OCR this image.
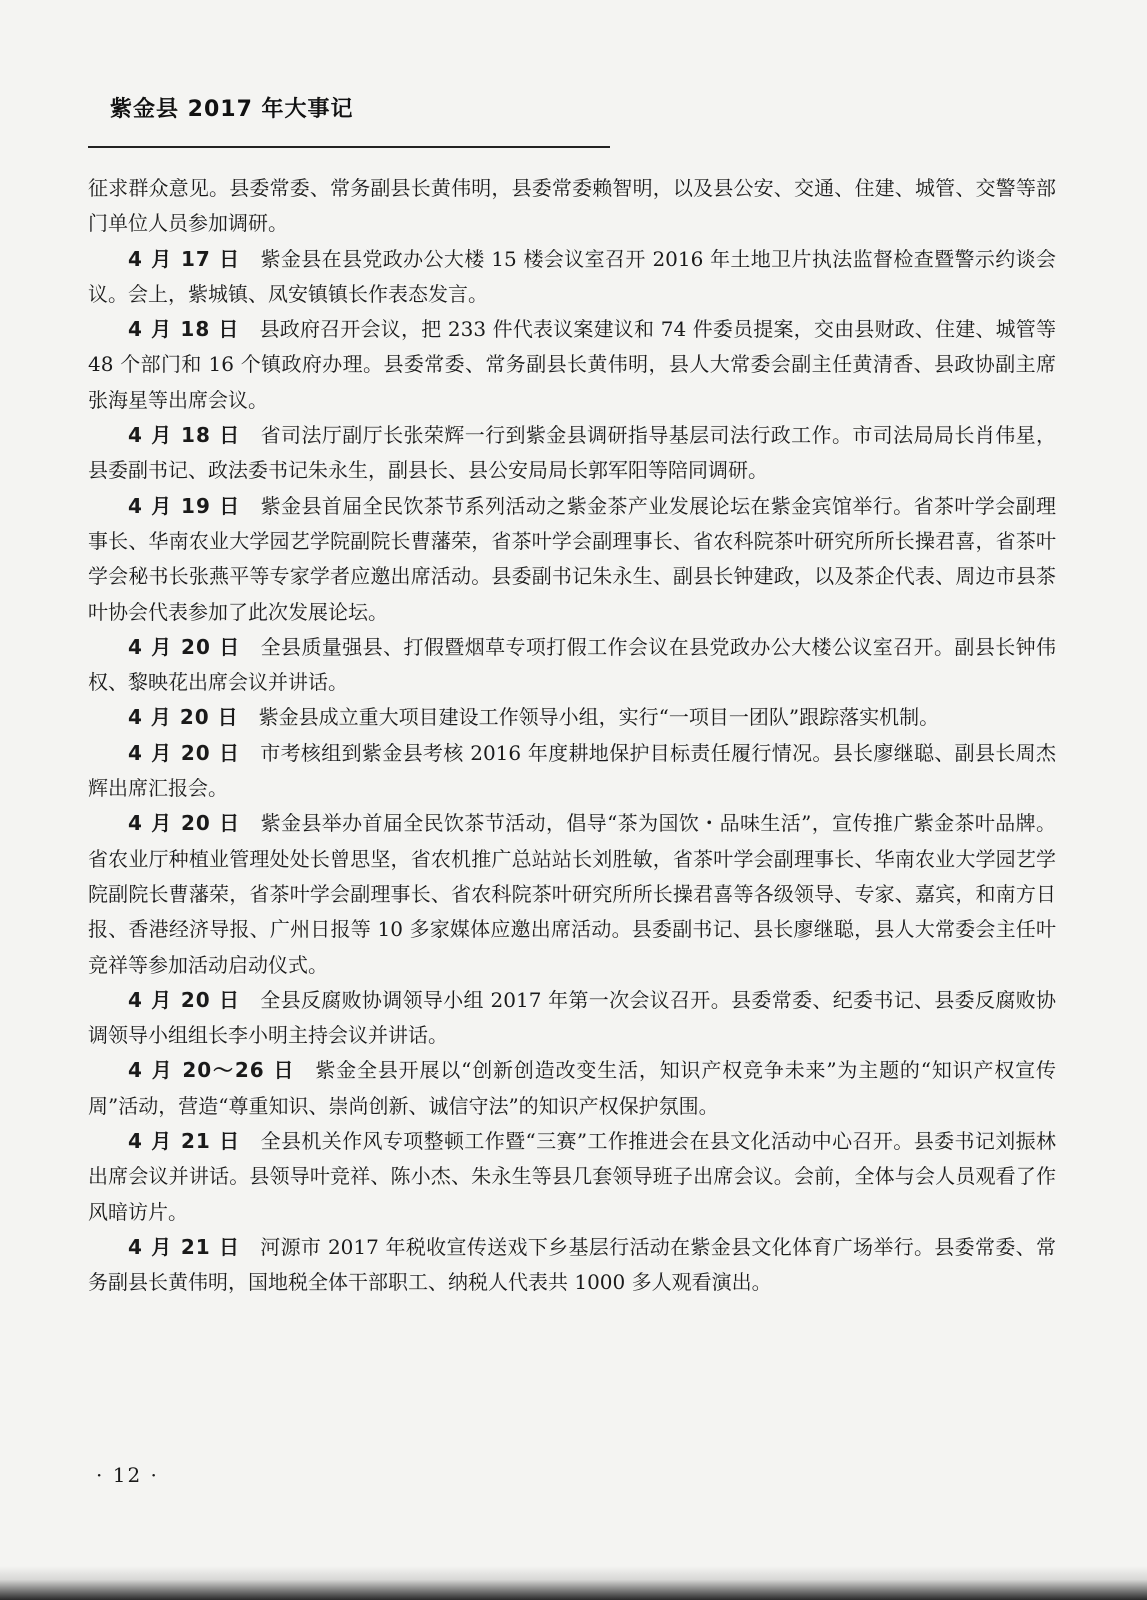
紫金县 2017 年大事记

征求群众意见。县委常委、常务副县长黄伟明，县委常委赖智明，以及县公安、交通、住建、城管、交警等部门单位人员参加调研。

4 月 17 日 紫金县在县党政办公大楼 15 楼会议室召开 2016 年土地卫片执法监督检查暨警示约谈会议。会上，紫城镇、凤安镇镇长作表态发言。

4 月 18 日 县政府召开会议，把 233 件代表议案建议和 74 件委员提案，交由县财政、住建、城管等 48 个部门和 16 个镇政府办理。县委常委、常务副县长黄伟明，县人大常委会副主任黄清香、县政协副主席张海星等出席会议。

4 月 18 日 省司法厅副厅长张荣辉一行到紫金县调研指导基层司法行政工作。市司法局局长肖伟星，县委副书记、政法委书记朱永生，副县长、县公安局局长郭军阳等陪同调研。

4 月 19 日 紫金县首届全民饮茶节系列活动之紫金茶产业发展论坛在紫金宾馆举行。省茶叶学会副理事长、华南农业大学园艺学院副院长曹藩荣，省茶叶学会副理事长、省农科院茶叶研究所所长操君喜，省茶叶学会秘书长张燕平等专家学者应邀出席活动。县委副书记朱永生、副县长钟建政，以及茶企代表、周边市县茶叶协会代表参加了此次发展论坛。

4 月 20 日 全县质量强县、打假暨烟草专项打假工作会议在县党政办公大楼公议室召开。副县长钟伟权、黎映花出席会议并讲话。

4 月 20 日 紫金县成立重大项目建设工作领导小组，实行“一项目一团队”跟踪落实机制。

4 月 20 日 市考核组到紫金县考核 2016 年度耕地保护目标责任履行情况。县长廖继聪、副县长周杰辉出席汇报会。

4 月 20 日 紫金县举办首届全民饮茶节活动，倡导“茶为国饮・品味生活”，宣传推广紫金茶叶品牌。省农业厅种植业管理处处长曾思坚，省农机推广总站站长刘胜敏，省茶叶学会副理事长、华南农业大学园艺学院副院长曹藩荣，省茶叶学会副理事长、省农科院茶叶研究所所长操君喜等各级领导、专家、嘉宾，和南方日报、香港经济导报、广州日报等 10 多家媒体应邀出席活动。县委副书记、县长廖继聪，县人大常委会主任叶竞祥等参加活动启动仪式。

4 月 20 日 全县反腐败协调领导小组 2017 年第一次会议召开。县委常委、纪委书记、县委反腐败协调领导小组组长李小明主持会议并讲话。

4 月 20～26 日 紫金全县开展以“创新创造改变生活，知识产权竞争未来”为主题的“知识产权宣传周”活动，营造“尊重知识、崇尚创新、诚信守法”的知识产权保护氛围。

4 月 21 日 全县机关作风专项整顿工作暨“三赛”工作推进会在县文化活动中心召开。县委书记刘振林出席会议并讲话。县领导叶竞祥、陈小杰、朱永生等县几套领导班子出席会议。会前，全体与会人员观看了作风暗访片。

4 月 21 日 河源市 2017 年税收宣传送戏下乡基层行活动在紫金县文化体育广场举行。县委常委、常务副县长黄伟明，国地税全体干部职工、纳税人代表共 1000 多人观看演出。

· 12 ·
